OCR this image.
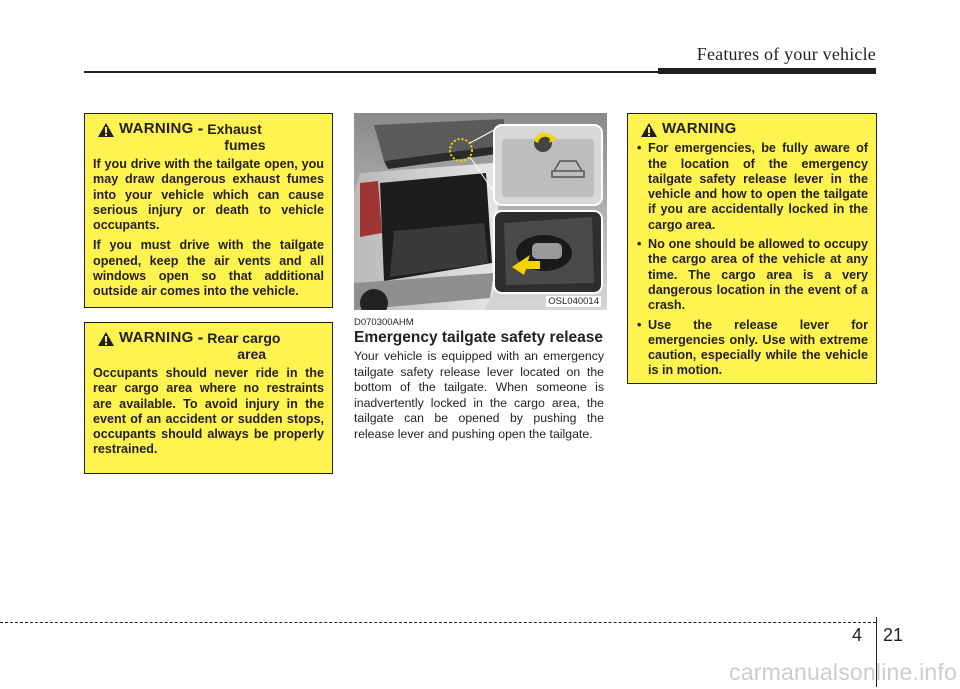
Features of your vehicle
WARNING - Exhaust
fumes

If you drive with the tailgate open, you may draw dangerous exhaust fumes into your vehicle which can cause serious injury or death to vehicle occupants.

If you must drive with the tailgate opened, keep the air vents and all windows open so that additional outside air comes into the vehicle.

WARNING - Rear cargo
area

Occupants should never ride in the rear cargo area where no restraints are available. To avoid injury in the event of an accident or sudden stops, occupants should always be properly restrained.

OSL040014
D070300AHM
Emergency tailgate safety release
Your vehicle is equipped with an emergency tailgate safety release lever located on the bottom of the tailgate. When someone is inadvertently locked in the cargo area, the tailgate can be opened by pushing the release lever and pushing open the tailgate.
WARNING
• For emergencies, be fully aware of the location of the emergency tailgate safety release lever in the vehicle and how to open the tailgate if you are accidentally locked in the cargo area.
• No one should be allowed to occupy the cargo area of the vehicle at any time. The cargo area is a very dangerous location in the event of a crash.
• Use the release lever for emergencies only. Use with extreme caution, especially while the vehicle is in motion.
4 21
carmanualsonline.info
